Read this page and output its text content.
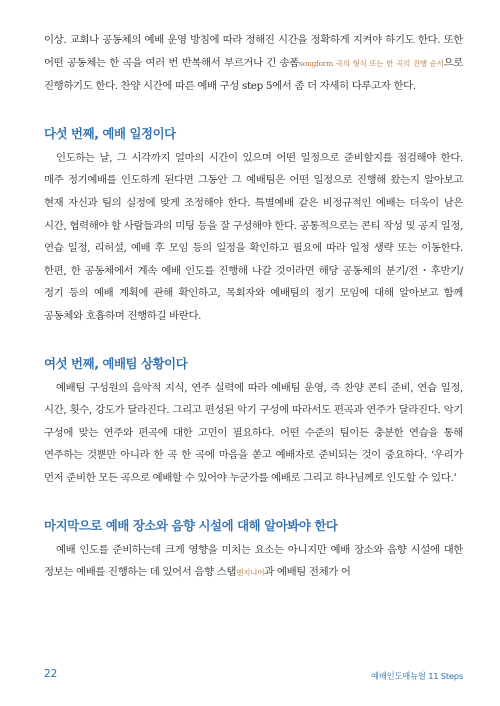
이상. 교회나 공동체의 예배 운영 방침에 따라 정해진 시간을 정확하게 지켜야 하기도 한다. 또한 어떤 공동체는 한 곡을 여러 번 반복해서 부르거나 긴 송폼songform 곡의 형식 또는 한 곡의 진행 순서으로 진행하기도 한다. 찬양 시간에 따른 예배 구성 step 5에서 좀 더 자세히 다루고자 한다.

다섯 번째, 예배 일정이다

인도하는 날, 그 시각까지 얼마의 시간이 있으며 어떤 일정으로 준비할지를 점검해야 한다. 매주 정기예배를 인도하게 된다면 그동안 그 예배팀은 어떤 일정으로 진행해 왔는지 알아보고 현재 자신과 팀의 실정에 맞게 조정해야 한다. 특별예배 같은 비정규적인 예배는 더욱이 남은 시간, 협력해야 할 사람들과의 미팅 등을 잘 구성해야 한다. 공통적으로는 콘티 작성 및 공지 일정, 연습 일정, 리허설, 예배 후 모임 등의 일정을 확인하고 필요에 따라 일정 생략 또는 이동한다. 한편, 한 공동체에서 계속 예배 인도를 진행해 나갈 것이라면 해당 공동체의 분기/전・후반기/정기 등의 예배 계획에 관해 확인하고, 목회자와 예배팀의 정기 모임에 대해 알아보고 함께 공동체와 호흡하며 진행하길 바란다.

여섯 번째, 예배팀 상황이다

예배팀 구성원의 음악적 지식, 연주 실력에 따라 예배팀 운영, 즉 찬양 콘티 준비, 연습 일정, 시간, 횟수, 강도가 달라진다. 그리고 편성된 악기 구성에 따라서도 편곡과 연주가 달라진다. 악기 구성에 맞는 연주와 편곡에 대한 고민이 필요하다. 어떤 수준의 팀이든 충분한 연습을 통해 연주하는 것뿐만 아니라 한 곡 한 곡에 마음을 쏟고 예배자로 준비되는 것이 중요하다. ‘우리가 먼저 준비한 모든 곡으로 예배할 수 있어야 누군가를 예배로 그리고 하나님께로 인도할 수 있다.’

마지막으로 예배 장소와 음향 시설에 대해 알아봐야 한다

예배 인도를 준비하는데 크게 영향을 미치는 요소는 아니지만 예배 장소와 음향 시설에 대한 정보는 예배를 진행하는 데 있어서 음향 스탭엔지니어과 예배팀 전체가 어

22	예배인도매뉴얼 11 Steps
